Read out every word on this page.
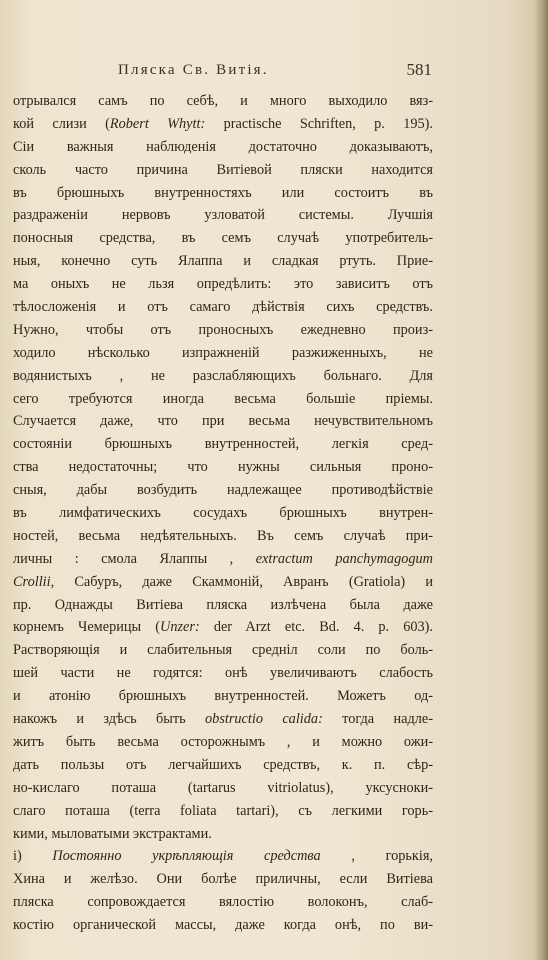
Пляска Св. Витія.	581
отрывался самъ по себѣ, и много выходило вяз-
кой слизи (Robert Whytt: practische Schriften, p. 195).
Сіи важныя наблюденія достаточно доказываютъ,
сколь часто причина Витіевой пляски находится
въ брюшныхъ внутренностяхъ или состоитъ въ
раздраженіи нервовъ узловатой системы. Лучшія
поносныя средства, въ семъ случаѣ употребитель-
ныя, конечно суть Ялаппа и сладкая ртуть. Прие-
ма оныхъ не льзя опредѣлить: это зависитъ отъ
тѣлосложенія и отъ самаго дѣйствія сихъ средствъ.
Нужно, чтобы отъ проносныхъ ежедневно произ-
ходило нѣсколько изпражненій разжиженныхъ, не
водянистыхъ , не разслабляющихъ больнаго. Для
сего требуются иногда весьма большіе пріемы.
Случается даже, что при весьма нечувствительномъ
состояніи брюшныхъ внутренностей, легкія сред-
ства недостаточны; что нужны сильныя проно-
сныя, дабы возбудить надлежащее противодѣйствіе
въ лимфатическихъ сосудахъ брюшныхъ внутрен-
ностей, весьма недѣятельныхъ. Въ семъ случаѣ при-
личны : смола Ялаппы , extractum panchymagogum
Crollii, Сабуръ, даже Скаммоній, Авранъ (Gratiola) и
пр. Однажды Витіева пляска излѣчена была даже
корнемъ Чемерицы (Unzer: der Arzt etc. Bd. 4. p. 603).
Растворяющія и слабительныя средніл соли по боль-
шей части не годятся: онѣ увеличиваютъ слабость
и атонію брюшныхъ внутренностей. Можетъ од-
накожъ и здѣсь быть obstructio calida: тогда надле-
житъ быть весьма осторожнымъ , и можно ожи-
дать пользы отъ легчайшихъ средствъ, к. п. сѣр-
но-кислаго поташа (tartarus vitriolatus), уксусноки-
слаго поташа (terra foliata tartari), съ легкими горь-
кими, мыловатыми экстрактами.
i) Постоянно укрѣпляющія средства , горькія,
Хина и желѣзо. Они болѣе приличны, если Витіева
пляска сопровождается вялостію волоконъ, слаб-
костію органической массы, даже когда онѣ, по ви-
